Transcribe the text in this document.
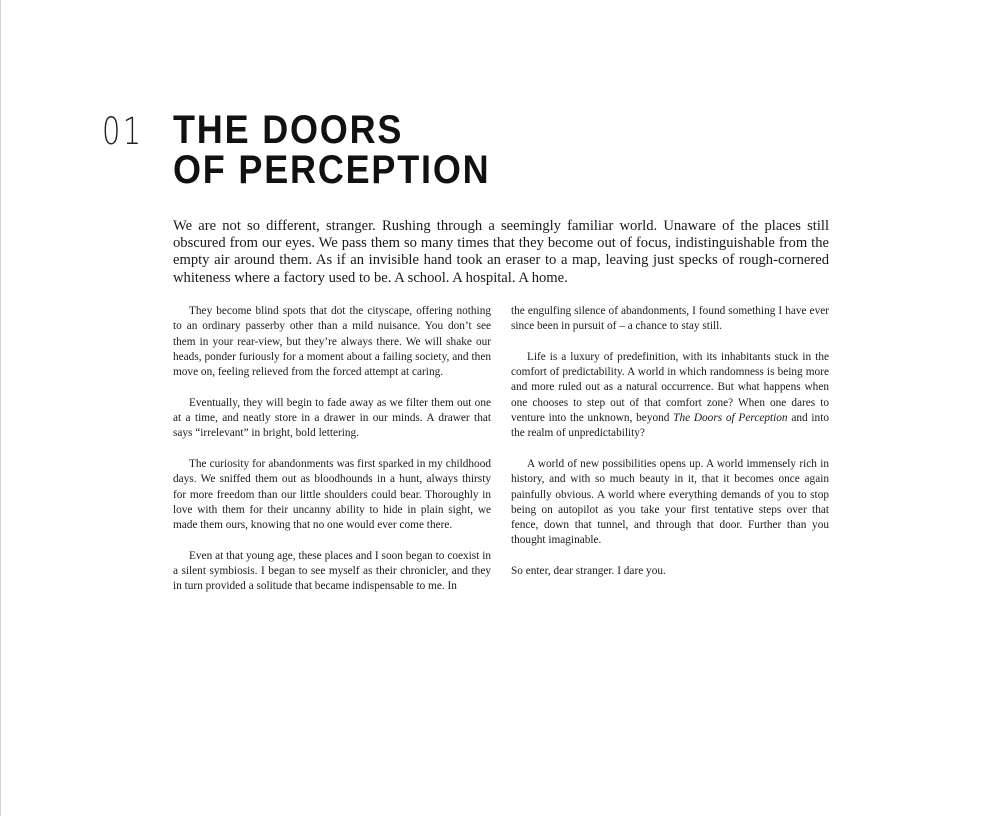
01 THE DOORS
OF PERCEPTION

We are not so different, stranger. Rushing through a seemingly familiar world. Unaware of the places still obscured from our eyes. We pass them so many times that they become out of focus, indistinguishable from the empty air around them. As if an invisible hand took an eraser to a map, leaving just specks of rough-cornered whiteness where a factory used to be. A school. A hospital. A home.

They become blind spots that dot the cityscape, offering nothing to an ordinary passerby other than a mild nuisance. You don’t see them in your rear-view, but they’re always there. We will shake our heads, ponder furiously for a moment about a failing society, and then move on, feeling relieved from the forced attempt at caring.

Eventually, they will begin to fade away as we filter them out one at a time, and neatly store in a drawer in our minds. A drawer that says “irrelevant” in bright, bold lettering.

The curiosity for abandonments was first sparked in my childhood days. We sniffed them out as bloodhounds in a hunt, always thirsty for more freedom than our little shoulders could bear. Thoroughly in love with them for their uncanny ability to hide in plain sight, we made them ours, knowing that no one would ever come there.

Even at that young age, these places and I soon began to coexist in a silent symbiosis. I began to see myself as their chronicler, and they in turn provided a solitude that became indispensable to me. In

the engulfing silence of abandonments, I found something I have ever since been in pursuit of – a chance to stay still.

Life is a luxury of predefinition, with its inhabitants stuck in the comfort of predictability. A world in which randomness is being more and more ruled out as a natural occurrence. But what happens when one chooses to step out of that comfort zone? When one dares to venture into the unknown, beyond The Doors of Perception and into the realm of unpredictability?

A world of new possibilities opens up. A world immensely rich in history, and with so much beauty in it, that it becomes once again painfully obvious. A world where everything demands of you to stop being on autopilot as you take your first tentative steps over that fence, down that tunnel, and through that door. Further than you thought imaginable.

So enter, dear stranger. I dare you.
